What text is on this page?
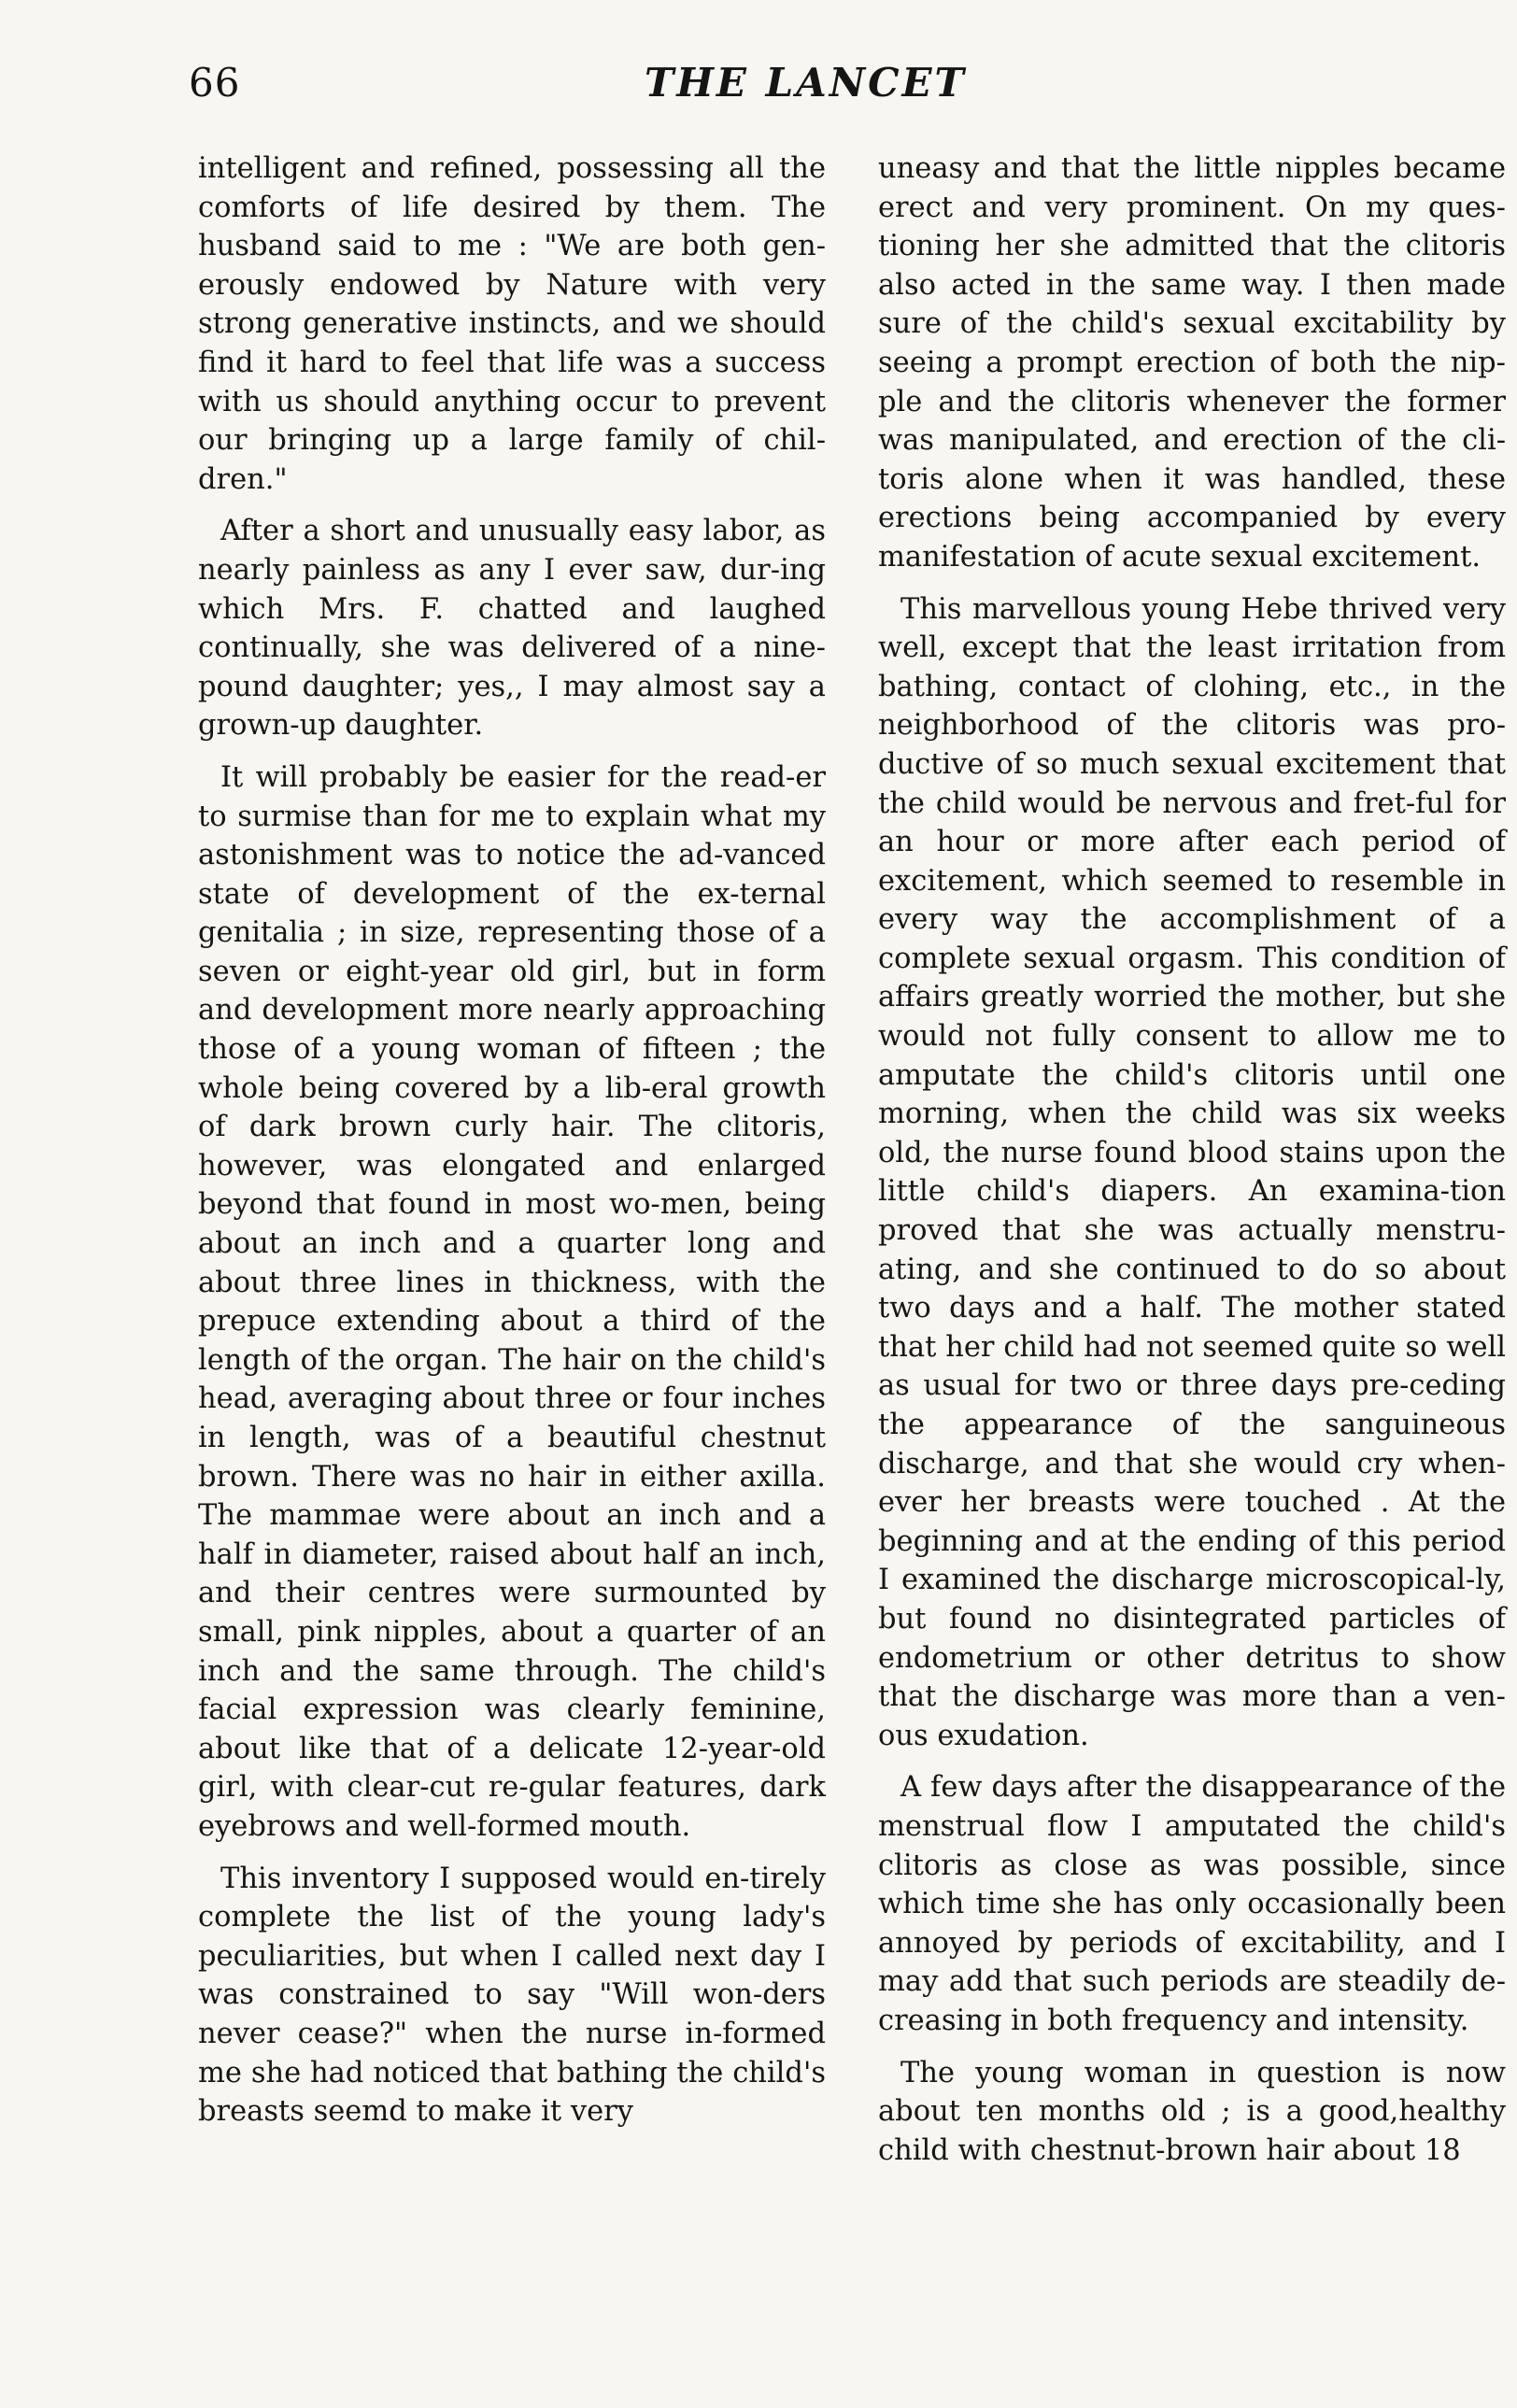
66	THE LANCET

intelligent and refined, possessing all the comforts of life desired by them. The husband said to me : "We are both gen-erously endowed by Nature with very strong generative instincts, and we should find it hard to feel that life was a success with us should anything occur to prevent our bringing up a large family of chil-dren."

After a short and unusually easy labor, as nearly painless as any I ever saw, dur-ing which Mrs. F. chatted and laughed continually, she was delivered of a nine-pound daughter; yes,, I may almost say a grown-up daughter.

It will probably be easier for the read-er to surmise than for me to explain what my astonishment was to notice the ad-vanced state of development of the ex-ternal genitalia ; in size, representing those of a seven or eight-year old girl, but in form and development more nearly approaching those of a young woman of fifteen ; the whole being covered by a lib-eral growth of dark brown curly hair. The clitoris, however, was elongated and enlarged beyond that found in most wo-men, being about an inch and a quarter long and about three lines in thickness, with the prepuce extending about a third of the length of the organ. The hair on the child's head, averaging about three or four inches in length, was of a beautiful chestnut brown. There was no hair in either axilla. The mammae were about an inch and a half in diameter, raised about half an inch, and their centres were surmounted by small, pink nipples, about a quarter of an inch and the same through. The child's facial expression was clearly feminine, about like that of a delicate 12-year-old girl, with clear-cut re-gular features, dark eyebrows and well-formed mouth.

This inventory I supposed would en-tirely complete the list of the young lady's peculiarities, but when I called next day I was constrained to say "Will won-ders never cease?" when the nurse in-formed me she had noticed that bathing the child's breasts seemd to make it very

uneasy and that the little nipples became erect and very prominent. On my ques-tioning her she admitted that the clitoris also acted in the same way. I then made sure of the child's sexual excitability by seeing a prompt erection of both the nip-ple and the clitoris whenever the former was manipulated, and erection of the cli-toris alone when it was handled, these erections being accompanied by every manifestation of acute sexual excitement.

This marvellous young Hebe thrived very well, except that the least irritation from bathing, contact of clohing, etc., in the neighborhood of the clitoris was pro-ductive of so much sexual excitement that the child would be nervous and fret-ful for an hour or more after each period of excitement, which seemed to resemble in every way the accomplishment of a complete sexual orgasm. This condition of affairs greatly worried the mother, but she would not fully consent to allow me to amputate the child's clitoris until one morning, when the child was six weeks old, the nurse found blood stains upon the little child's diapers. An examina-tion proved that she was actually menstru-ating, and she continued to do so about two days and a half. The mother stated that her child had not seemed quite so well as usual for two or three days pre-ceding the appearance of the sanguineous discharge, and that she would cry when-ever her breasts were touched . At the beginning and at the ending of this period I examined the discharge microscopical-ly, but found no disintegrated particles of endometrium or other detritus to show that the discharge was more than a ven-ous exudation.

A few days after the disappearance of the menstrual flow I amputated the child's clitoris as close as was possible, since which time she has only occasionally been annoyed by periods of excitability, and I may add that such periods are steadily de-creasing in both frequency and intensity.

The young woman in question is now about ten months old ; is a good,healthy child with chestnut-brown hair about 18
